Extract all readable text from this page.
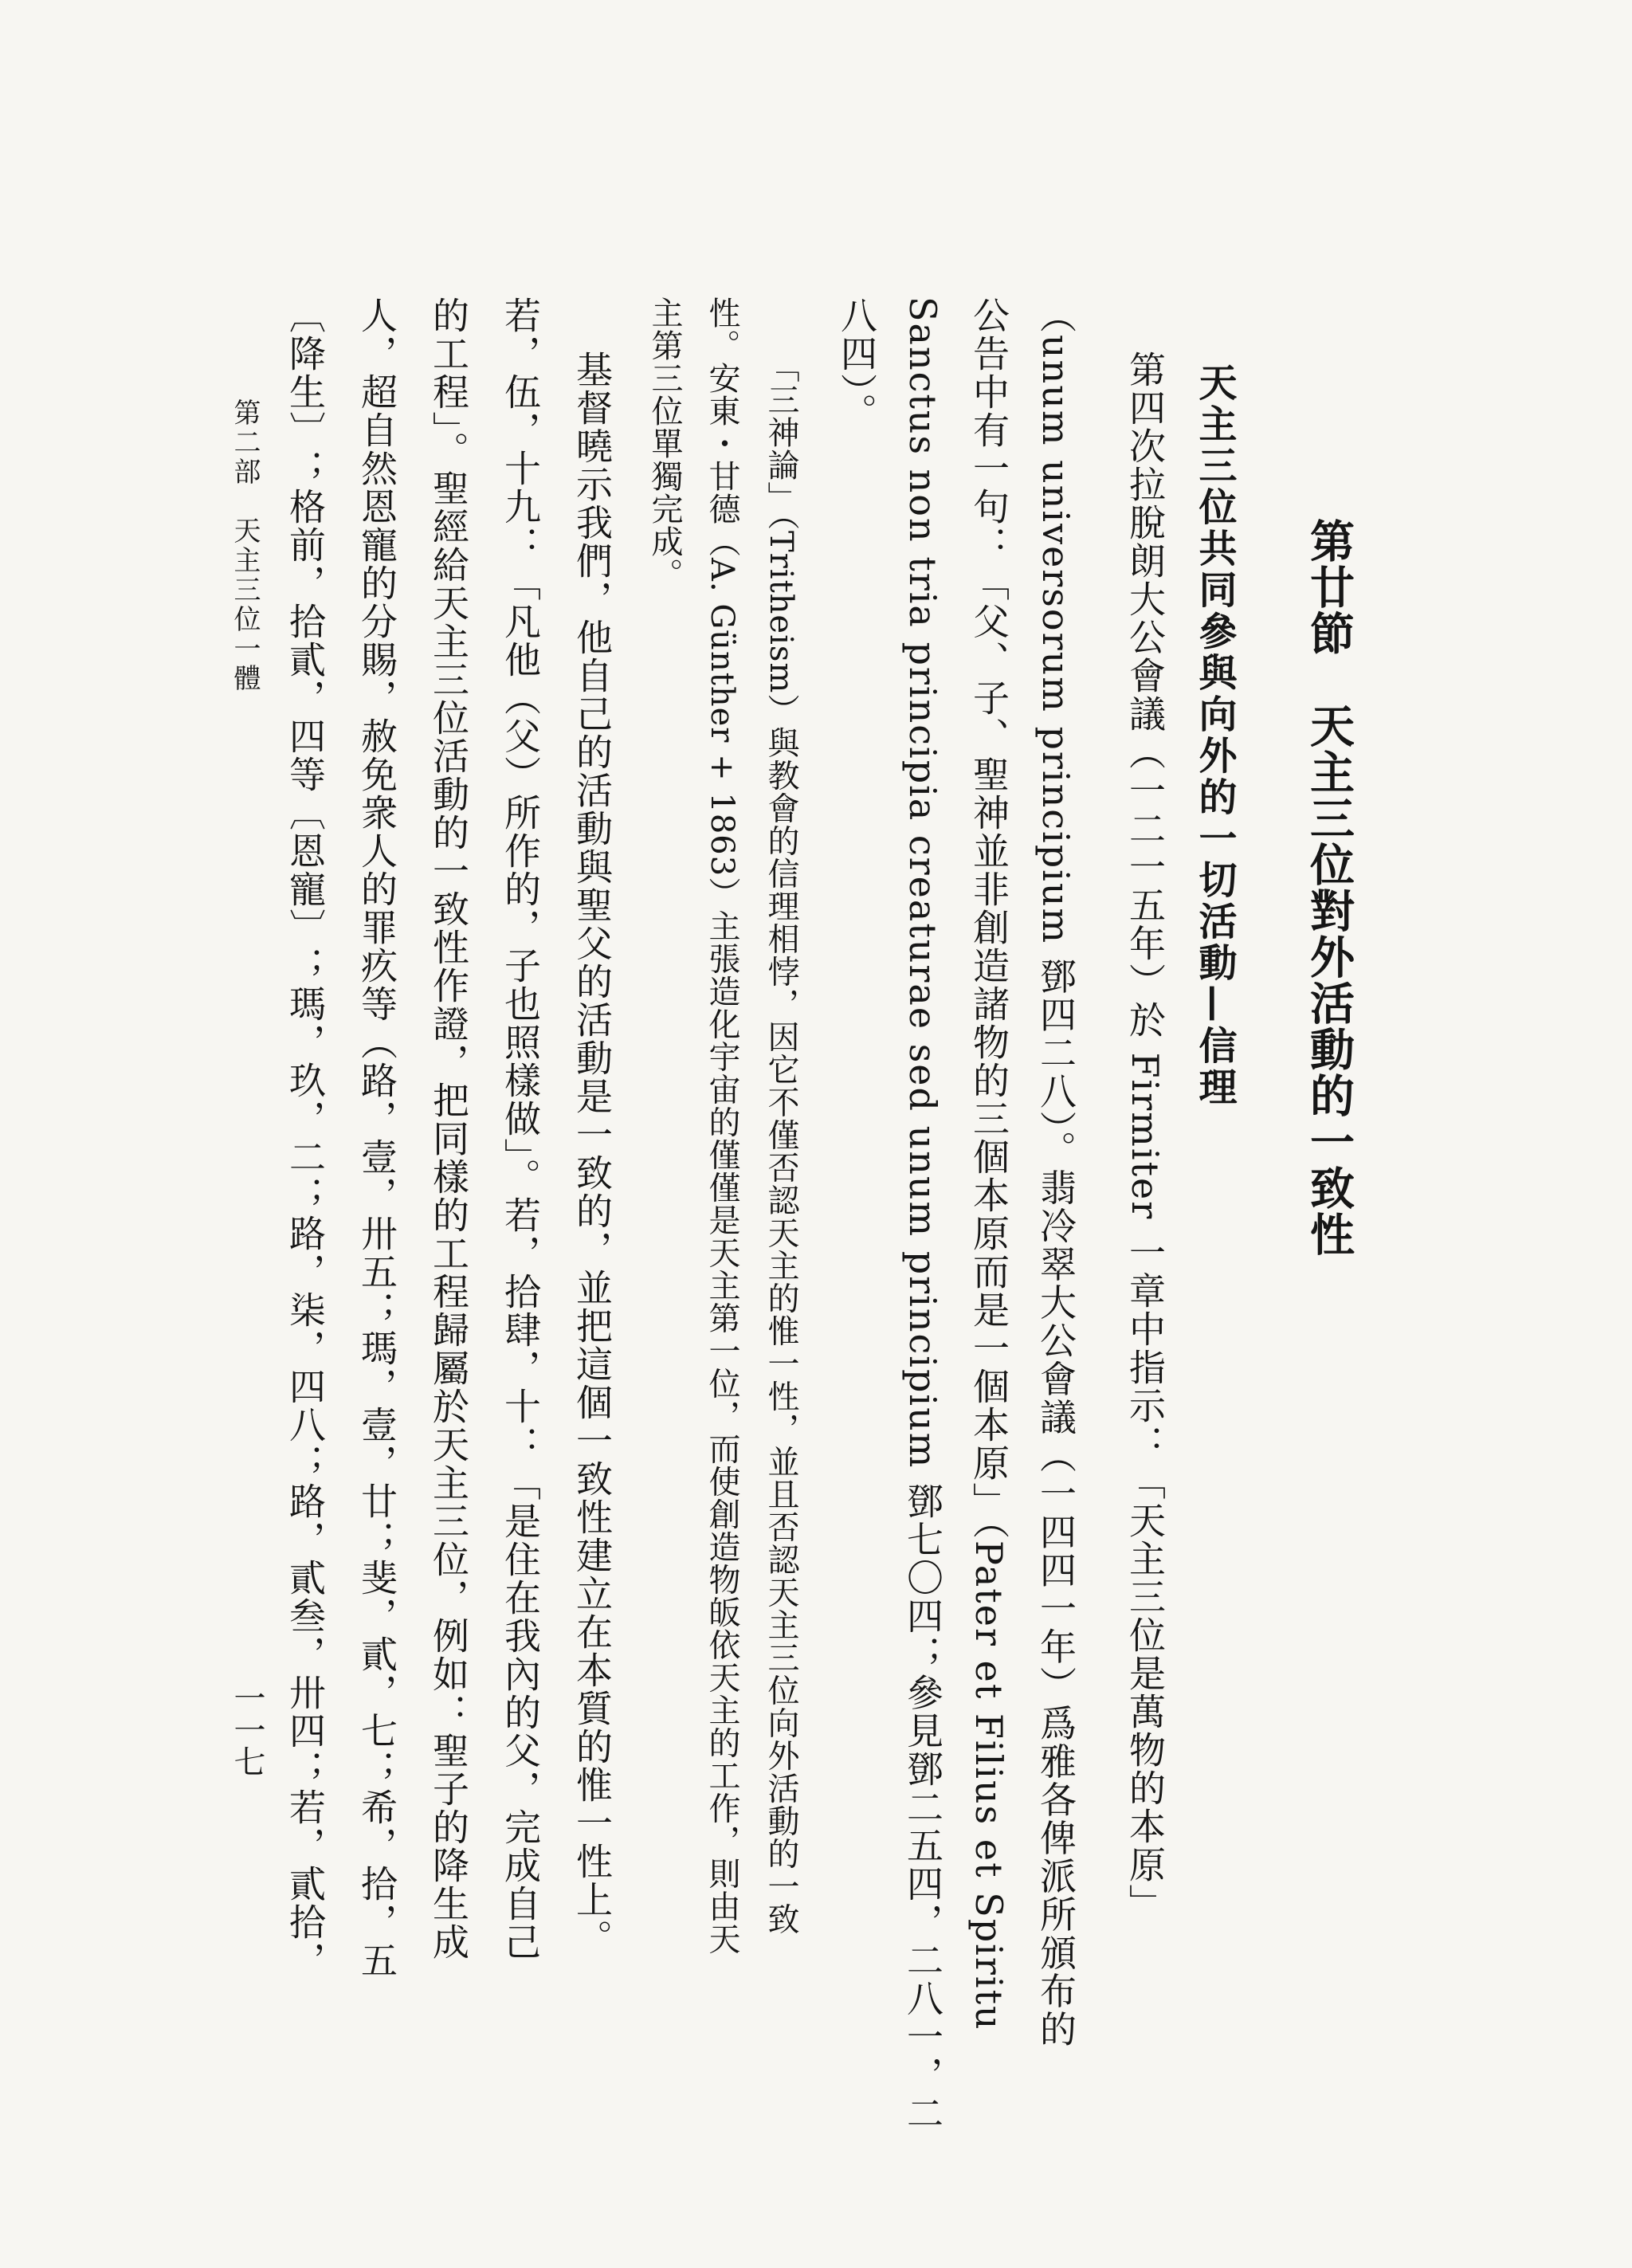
第廿節　天主三位對外活動的一致性
天主三位共同參與向外的一切活動—信理
第四次拉脫朗大公會議（一二一五年）於 Firmiter 一章中指示：「天主三位是萬物的本原」
（unum universorum principium 鄧四二八）。翡冷翠大公會議（一四四一年）爲雅各俾派所頒布的
公告中有一句：「父、子、聖神並非創造諸物的三個本原而是一個本原」（Pater et Filius et Spiritu
Sanctus non tria principia creaturae sed unum principium 鄧七〇四；參見鄧二五四，二八一，二
八四）。
「三神論」（Tritheism）與教會的信理相悖，因它不僅否認天主的惟一性，並且否認天主三位向外活動的一致
性。安東・甘德（A. Günther + 1863）主張造化宇宙的僅僅是天主第一位，而使創造物皈依天主的工作，則由天
主第三位單獨完成。
基督曉示我們，他自己的活動與聖父的活動是一致的，並把這個一致性建立在本質的惟一性上。
若，伍，十九：「凡他（父）所作的，子也照樣做」。若，拾肆，十：「是住在我內的父，完成自己
的工程」。聖經給天主三位活動的一致性作證，把同樣的工程歸屬於天主三位，例如：聖子的降生成
人，超自然恩寵的分賜，赦免衆人的罪疚等（路，壹，卅五；瑪，壹，廿；斐，貳，七；希，拾，五
〔降生〕；格前，拾貳，四等〔恩寵〕；瑪，玖，二；路，柒，四八；路，貳叁，卅四；若，貳拾，
第二部　天主三位一體
一一七
